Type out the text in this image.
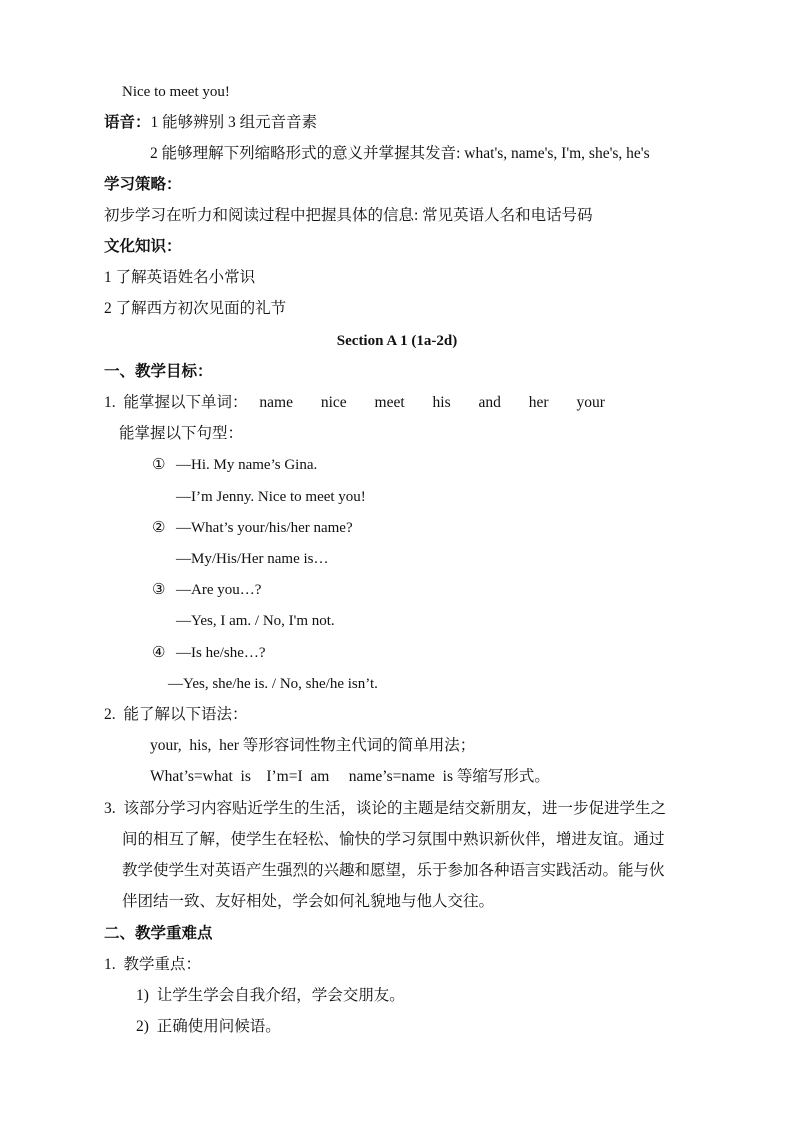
Nice to meet you!
语音：1 能够辨别 3 组元音音素
2 能够理解下列缩略形式的意义并掌握其发音: what's, name's, I'm, she's, he's
学习策略：
初步学习在听力和阅读过程中把握具体的信息: 常见英语人名和电话号码
文化知识：
1 了解英语姓名小常识
2 了解西方初次见面的礼节
Section A 1 (1a-2d)
一、教学目标：
1. 能掌握以下单词： name nice meet his and her your
能掌握以下句型：
① —Hi. My name’s Gina.
—I’m Jenny. Nice to meet you!
② —What’s your/his/her name?
—My/His/Her name is…
③ —Are you…?
—Yes, I am. / No, I'm not.
④ —Is he/she…?
—Yes, she/he is. / No, she/he isn’t.
2. 能了解以下语法：
your,  his,  her 等形容词性物主代词的简单用法；
What’s=what  is    I’m=I  am     name’s=name  is 等缩写形式。
3. 该部分学习内容贴近学生的生活，谈论的主题是结交新朋友，进一步促进学生之
间的相互了解，使学生在轻松、愉快的学习氛围中熟识新伙伴，增进友谊。通过
教学使学生对英语产生强烈的兴趣和愿望，乐于参加各种语言实践活动。能与伙
伴团结一致、友好相处，学会如何礼貌地与他人交往。
二、教学重难点
1. 教学重点：
1) 让学生学会自我介绍，学会交朋友。
2) 正确使用问候语。
